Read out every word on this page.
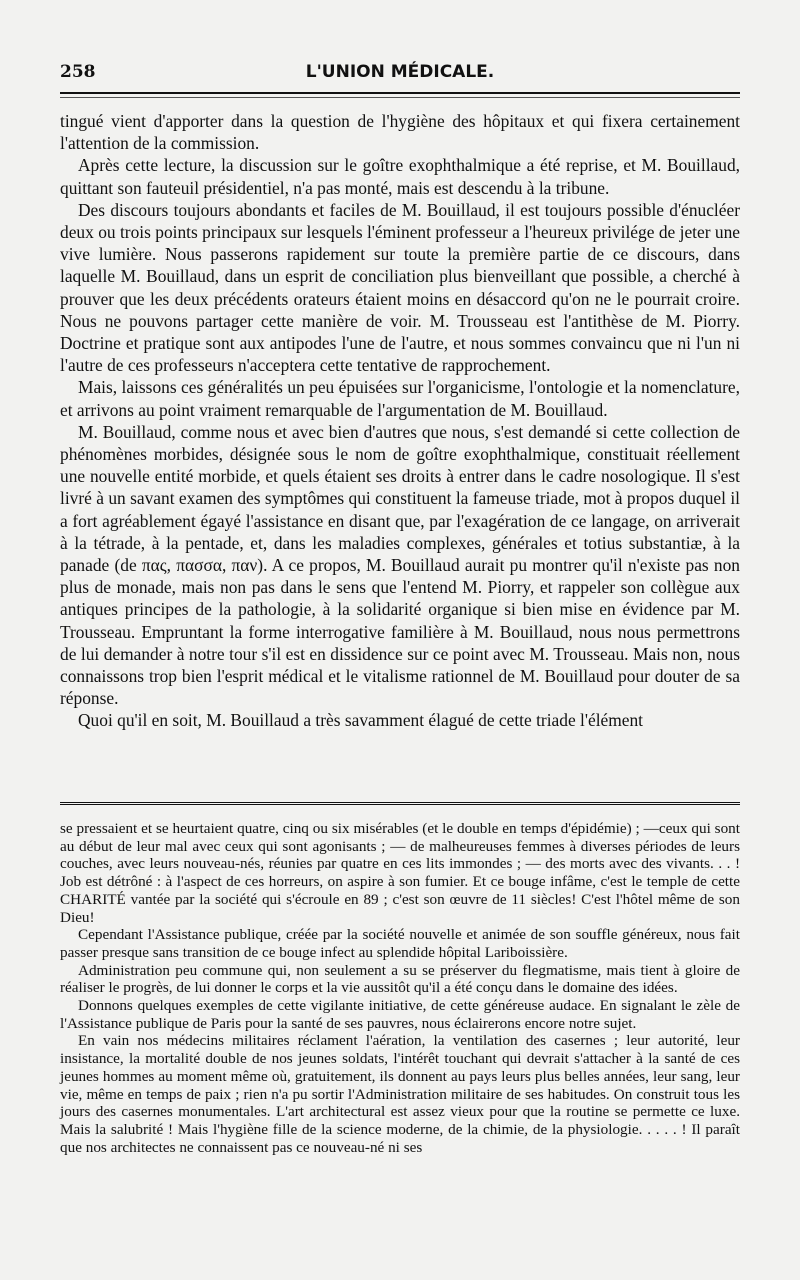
258	L'UNION MÉDICALE.

tingué vient d'apporter dans la question de l'hygiène des hôpitaux et qui fixera certainement l'attention de la commission.

Après cette lecture, la discussion sur le goître exophthalmique a été reprise, et M. Bouillaud, quittant son fauteuil présidentiel, n'a pas monté, mais est descendu à la tribune.

Des discours toujours abondants et faciles de M. Bouillaud, il est toujours possible d'énucléer deux ou trois points principaux sur lesquels l'éminent professeur a l'heureux privilége de jeter une vive lumière. Nous passerons rapidement sur toute la première partie de ce discours, dans laquelle M. Bouillaud, dans un esprit de conciliation plus bienveillant que possible, a cherché à prouver que les deux précédents orateurs étaient moins en désaccord qu'on ne le pourrait croire. Nous ne pouvons partager cette manière de voir. M. Trousseau est l'antithèse de M. Piorry. Doctrine et pratique sont aux antipodes l'une de l'autre, et nous sommes convaincu que ni l'un ni l'autre de ces professeurs n'acceptera cette tentative de rapprochement.

Mais, laissons ces généralités un peu épuisées sur l'organicisme, l'ontologie et la nomenclature, et arrivons au point vraiment remarquable de l'argumentation de M. Bouillaud.

M. Bouillaud, comme nous et avec bien d'autres que nous, s'est demandé si cette collection de phénomènes morbides, désignée sous le nom de goître exophthalmique, constituait réellement une nouvelle entité morbide, et quels étaient ses droits à entrer dans le cadre nosologique. Il s'est livré à un savant examen des symptômes qui constituent la fameuse triade, mot à propos duquel il a fort agréablement égayé l'assistance en disant que, par l'exagération de ce langage, on arriverait à la tétrade, à la pentade, et, dans les maladies complexes, générales et totius substantiæ, à la panade (de πας, πασσα, παν). A ce propos, M. Bouillaud aurait pu montrer qu'il n'existe pas non plus de monade, mais non pas dans le sens que l'entend M. Piorry, et rappeler son collègue aux antiques principes de la pathologie, à la solidarité organique si bien mise en évidence par M. Trousseau. Empruntant la forme interrogative familière à M. Bouillaud, nous nous permettrons de lui demander à notre tour s'il est en dissidence sur ce point avec M. Trousseau. Mais non, nous connaissons trop bien l'esprit médical et le vitalisme rationnel de M. Bouillaud pour douter de sa réponse.

Quoi qu'il en soit, M. Bouillaud a très savamment élagué de cette triade l'élément

se pressaient et se heurtaient quatre, cinq ou six misérables (et le double en temps d'épidémie) ; —ceux qui sont au début de leur mal avec ceux qui sont agonisants ; — de malheureuses femmes à diverses périodes de leurs couches, avec leurs nouveau-nés, réunies par quatre en ces lits immondes ; — des morts avec des vivants. . . ! Job est détrôné : à l'aspect de ces horreurs, on aspire à son fumier. Et ce bouge infâme, c'est le temple de cette CHARITÉ vantée par la société qui s'écroule en 89 ; c'est son œuvre de 11 siècles! C'est l'hôtel même de son Dieu!

Cependant l'Assistance publique, créée par la société nouvelle et animée de son souffle généreux, nous fait passer presque sans transition de ce bouge infect au splendide hôpital Lariboissière.

Administration peu commune qui, non seulement a su se préserver du flegmatisme, mais tient à gloire de réaliser le progrès, de lui donner le corps et la vie aussitôt qu'il a été conçu dans le domaine des idées.

Donnons quelques exemples de cette vigilante initiative, de cette généreuse audace. En signalant le zèle de l'Assistance publique de Paris pour la santé de ses pauvres, nous éclairerons encore notre sujet.

En vain nos médecins militaires réclament l'aération, la ventilation des casernes ; leur autorité, leur insistance, la mortalité double de nos jeunes soldats, l'intérêt touchant qui devrait s'attacher à la santé de ces jeunes hommes au moment même où, gratuitement, ils donnent au pays leurs plus belles années, leur sang, leur vie, même en temps de paix ; rien n'a pu sortir l'Administration militaire de ses habitudes. On construit tous les jours des casernes monumentales. L'art architectural est assez vieux pour que la routine se permette ce luxe. Mais la salubrité ! Mais l'hygiène fille de la science moderne, de la chimie, de la physiologie. . . . . ! Il paraît que nos architectes ne connaissent pas ce nouveau-né ni ses
